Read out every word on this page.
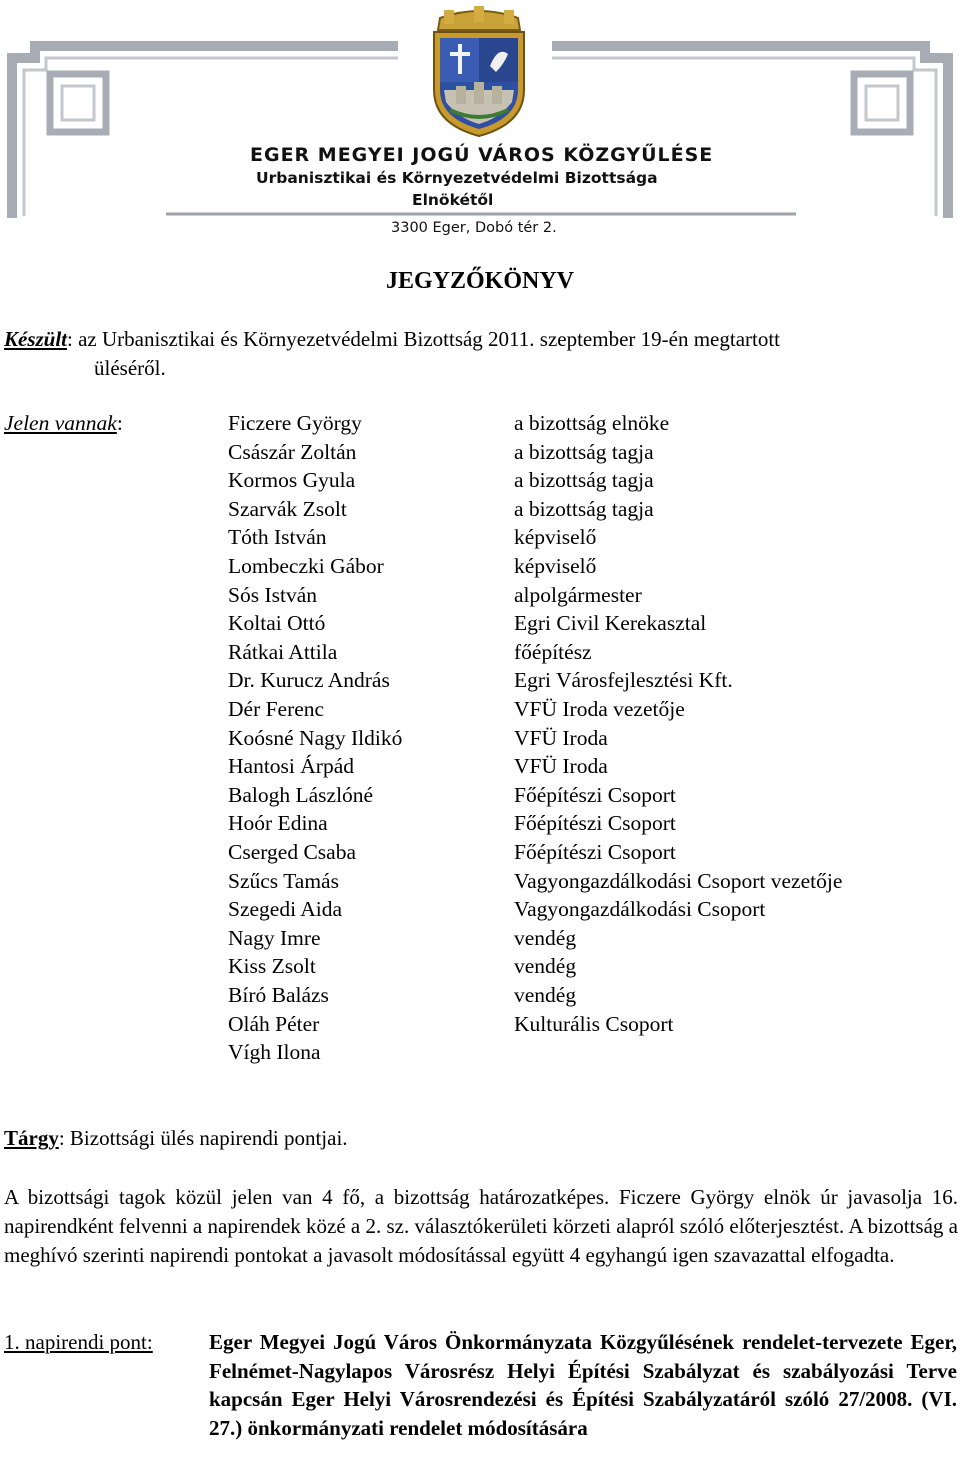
EGER MEGYEI JOGÚ VÁROS KÖZGYŰLÉSE
Urbanisztikai és Környezetvédelmi Bizottsága
Elnökétől
3300 Eger, Dobó tér 2.
JEGYZŐKÖNYV
Készült: az Urbanisztikai és Környezetvédelmi Bizottság 2011. szeptember 19-én megtartott
üléséről.
Jelen vannak:	Ficzere György	a bizottság elnöke
Császár Zoltán	a bizottság tagja
Kormos Gyula	a bizottság tagja
Szarvák Zsolt	a bizottság tagja
Tóth István	képviselő
Lombeczki Gábor	képviselő
Sós István	alpolgármester
Koltai Ottó	Egri Civil Kerekasztal
Rátkai Attila	főépítész
Dr. Kurucz András	Egri Városfejlesztési Kft.
Dér Ferenc	VFÜ Iroda vezetője
Koósné Nagy Ildikó	VFÜ Iroda
Hantosi Árpád	VFÜ Iroda
Balogh Lászlóné	Főépítészi Csoport
Hoór Edina	Főépítészi Csoport
Cserged Csaba	Főépítészi Csoport
Szűcs Tamás	Vagyongazdálkodási Csoport vezetője
Szegedi Aida	Vagyongazdálkodási Csoport
Nagy Imre	vendég
Kiss Zsolt	vendég
Bíró Balázs	vendég
Oláh Péter	Kulturális Csoport
Vígh Ilona
Tárgy: Bizottsági ülés napirendi pontjai.
A bizottsági tagok közül jelen van 4 fő, a bizottság határozatképes. Ficzere György elnök úr javasolja 16. napirendként felvenni a napirendek közé a 2. sz. választókerületi körzeti alapról szóló előterjesztést. A bizottság a meghívó szerinti napirendi pontokat a javasolt módosítással együtt 4 egyhangú igen szavazattal elfogadta.
1. napirendi pont:	Eger Megyei Jogú Város Önkormányzata Közgyűlésének rendelet-tervezete Eger, Felnémet-Nagylapos Városrész Helyi Építési Szabályzat és szabályozási Terve kapcsán Eger Helyi Városrendezési és Építési Szabályzatáról szóló 27/2008. (VI. 27.) önkormányzati rendelet módosítására
